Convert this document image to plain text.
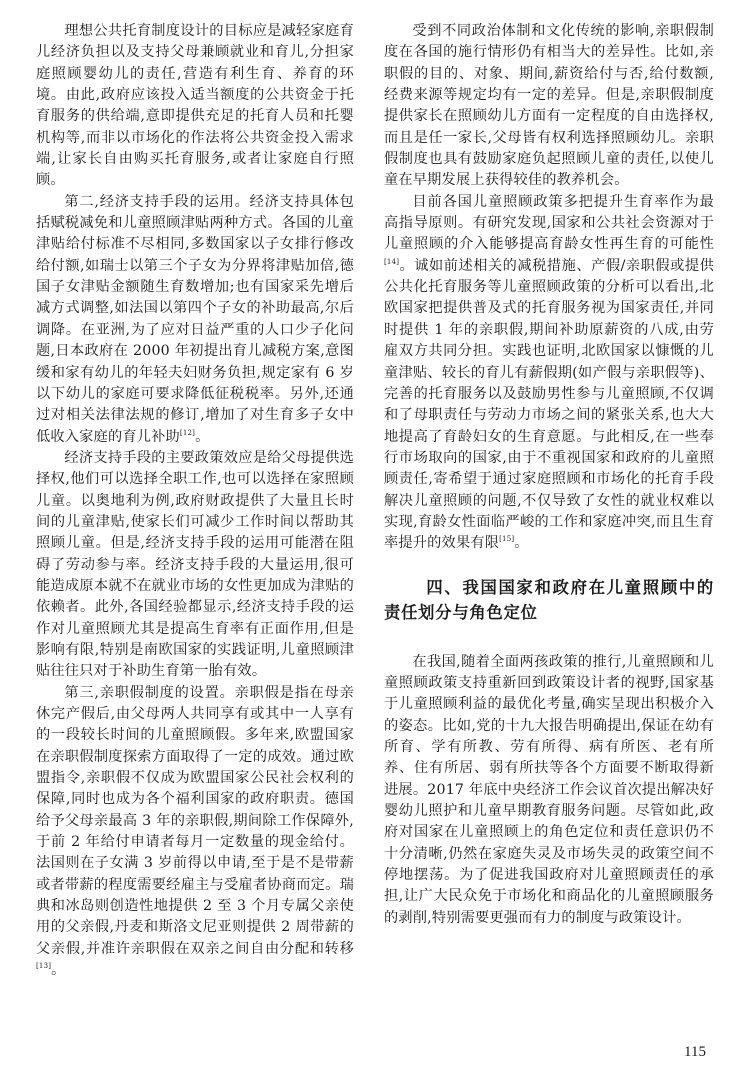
理想公共托育制度设计的目标应是减轻家庭育儿经济负担以及支持父母兼顾就业和育儿,分担家庭照顾婴幼儿的责任,营造有利生育、养育的环境。由此,政府应该投入适当额度的公共资金于托育服务的供给端,意即提供充足的托育人员和托婴机构等,而非以市场化的作法将公共资金投入需求端,让家长自由购买托育服务,或者让家庭自行照顾。

第二,经济支持手段的运用。经济支持具体包括赋税减免和儿童照顾津贴两种方式。各国的儿童津贴给付标准不尽相同,多数国家以子女排行修改给付额,如瑞士以第三个子女为分界将津贴加倍,德国子女津贴金额随生育数增加;也有国家采先增后减方式调整,如法国以第四个子女的补助最高,尔后调降。在亚洲,为了应对日益严重的人口少子化问题,日本政府在 2000 年初提出育儿减税方案,意图缓和家有幼儿的年轻夫妇财务负担,规定家有 6 岁以下幼儿的家庭可要求降低征税税率。另外,还通过对相关法律法规的修订,增加了对生育多子女中低收入家庭的育儿补助[12]。

经济支持手段的主要政策效应是给父母提供选择权,他们可以选择全职工作,也可以选择在家照顾儿童。以奥地利为例,政府财政提供了大量且长时间的儿童津贴,使家长们可减少工作时间以帮助其照顾儿童。但是,经济支持手段的运用可能潜在阻碍了劳动参与率。经济支持手段的大量运用,很可能造成原本就不在就业市场的女性更加成为津贴的依赖者。此外,各国经验都显示,经济支持手段的运作对儿童照顾尤其是提高生育率有正面作用,但是影响有限,特别是南欧国家的实践证明,儿童照顾津贴往往只对于补助生育第一胎有效。

第三,亲职假制度的设置。亲职假是指在母亲休完产假后,由父母两人共同享有或其中一人享有的一段较长时间的儿童照顾假。多年来,欧盟国家在亲职假制度探索方面取得了一定的成效。通过欧盟指令,亲职假不仅成为欧盟国家公民社会权利的保障,同时也成为各个福利国家的政府职责。德国给予父母亲最高 3 年的亲职假,期间除工作保障外,于前 2 年给付申请者每月一定数量的现金给付。法国则在子女满 3 岁前得以申请,至于是不是带薪或者带薪的程度需要经雇主与受雇者协商而定。瑞典和冰岛则创造性地提供 2 至 3 个月专属父亲使用的父亲假,丹麦和斯洛文尼亚则提供 2 周带薪的父亲假,并准许亲职假在双亲之间自由分配和转移[13]。

受到不同政治体制和文化传统的影响,亲职假制度在各国的施行情形仍有相当大的差异性。比如,亲职假的目的、对象、期间,薪资给付与否,给付数额,经费来源等规定均有一定的差异。但是,亲职假制度提供家长在照顾幼儿方面有一定程度的自由选择权,而且是任一家长,父母皆有权利选择照顾幼儿。亲职假制度也具有鼓励家庭负起照顾儿童的责任,以使儿童在早期发展上获得较佳的教养机会。

目前各国儿童照顾政策多把提升生育率作为最高指导原则。有研究发现,国家和公共社会资源对于儿童照顾的介入能够提高育龄女性再生育的可能性[14]。诚如前述相关的减税措施、产假/亲职假或提供公共化托育服务等儿童照顾政策的分析可以看出,北欧国家把提供普及式的托育服务视为国家责任,并同时提供 1 年的亲职假,期间补助原薪资的八成,由劳雇双方共同分担。实践也证明,北欧国家以慷慨的儿童津贴、较长的育儿有薪假期(如产假与亲职假等)、完善的托育服务以及鼓励男性参与儿童照顾,不仅调和了母职责任与劳动力市场之间的紧张关系,也大大地提高了育龄妇女的生育意愿。与此相反,在一些奉行市场取向的国家,由于不重视国家和政府的儿童照顾责任,寄希望于通过家庭照顾和市场化的托育手段解决儿童照顾的问题,不仅导致了女性的就业权难以实现,育龄女性面临严峻的工作和家庭冲突,而且生育率提升的效果有限[15]。

四、我国国家和政府在儿童照顾中的责任划分与角色定位

在我国,随着全面两孩政策的推行,儿童照顾和儿童照顾政策支持重新回到政策设计者的视野,国家基于儿童照顾利益的最优化考量,确实呈现出积极介入的姿态。比如,党的十九大报告明确提出,保证在幼有所育、学有所教、劳有所得、病有所医、老有所养、住有所居、弱有所扶等各个方面要不断取得新进展。2017 年底中央经济工作会议首次提出解决好婴幼儿照护和儿童早期教育服务问题。尽管如此,政府对国家在儿童照顾上的角色定位和责任意识仍不十分清晰,仍然在家庭失灵及市场失灵的政策空间不停地摆荡。为了促进我国政府对儿童照顾责任的承担,让广大民众免于市场化和商品化的儿童照顾服务的剥削,特别需要更强而有力的制度与政策设计。

115
